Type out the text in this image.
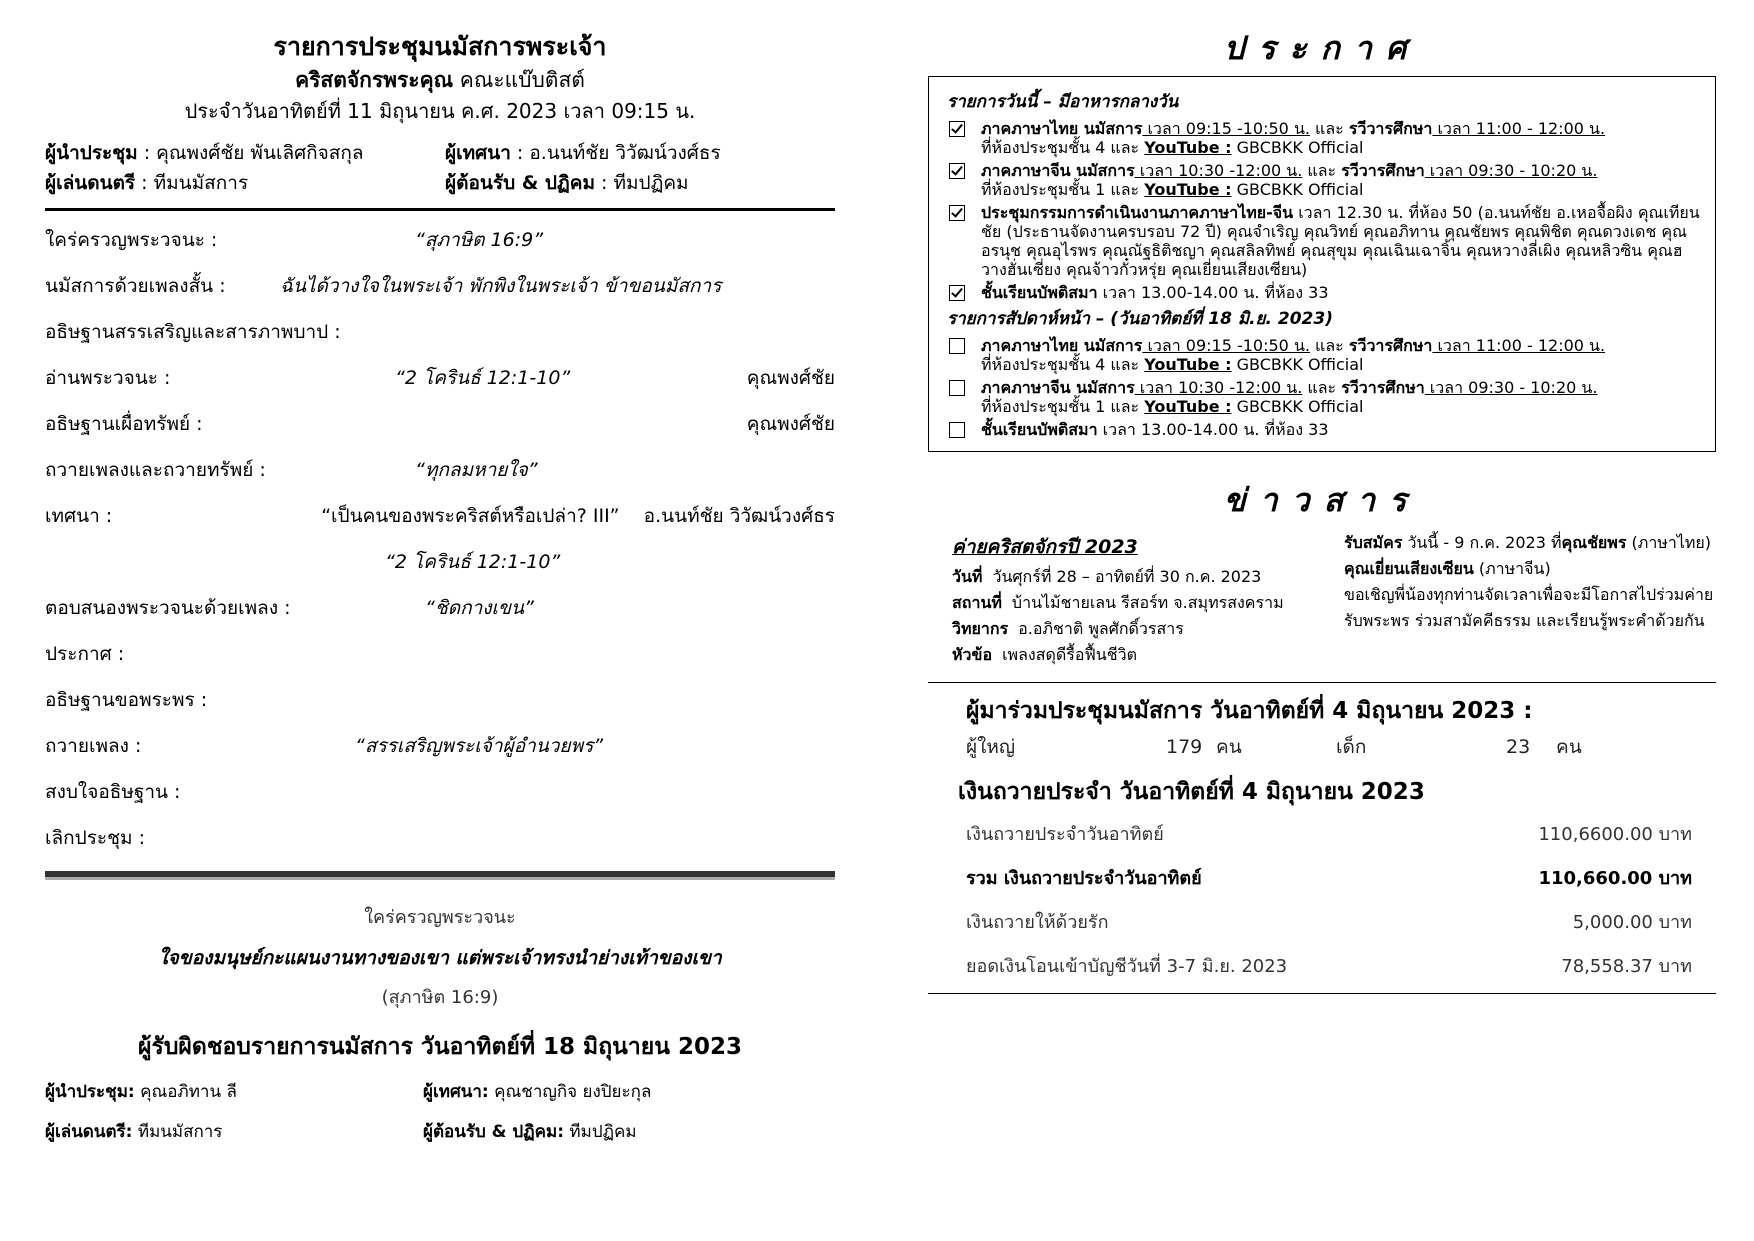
รายการประชุมนมัสการพระเจ้า
คริสตจักรพระคุณ คณะแบ๊บติสต์
ประจำวันอาทิตย์ที่ 11 มิถุนายน ค.ศ. 2023 เวลา 09:15 น.
ผู้นำประชุม : คุณพงศ์ชัย พันเลิศกิจสกุล	ผู้เทศนา : อ.นนท์ชัย วิวัฒน์วงศ์ธร
ผู้เล่นดนตรี : ทีมนมัสการ	ผู้ต้อนรับ & ปฏิคม : ทีมปฏิคม
ใคร่ครวญพระวจนะ :	“สุภาษิต 16:9”
นมัสการด้วยเพลงสั้น :	ฉันได้วางใจในพระเจ้า พักพิงในพระเจ้า ข้าขอนมัสการ
อธิษฐานสรรเสริญและสารภาพบาป :
อ่านพระวจนะ :	“2 โครินธ์ 12:1-10”	คุณพงศ์ชัย
อธิษฐานเผื่อทรัพย์ :	คุณพงศ์ชัย
ถวายเพลงและถวายทรัพย์ :	“ทุกลมหายใจ”
เทศนา :	“เป็นคนของพระคริสต์หรือเปล่า? III”    อ.นนท์ชัย วิวัฒน์วงศ์ธร
“2 โครินธ์ 12:1-10”
ตอบสนองพระวจนะด้วยเพลง :	“ชิดกางเขน”
ประกาศ :
อธิษฐานขอพระพร :
ถวายเพลง :	“สรรเสริญพระเจ้าผู้อำนวยพร”
สงบใจอธิษฐาน :
เลิกประชุม :
ใคร่ครวญพระวจนะ
ใจของมนุษย์กะแผนงานทางของเขา แต่พระเจ้าทรงนำย่างเท้าของเขา
(สุภาษิต 16:9)
ผู้รับผิดชอบรายการนมัสการ วันอาทิตย์ที่ 18 มิถุนายน 2023
ผู้นำประชุม: คุณอภิทาน ลี	ผู้เทศนา: คุณชาญกิจ ยงปิยะกุล
ผู้เล่นดนตรี: ทีมนมัสการ	ผู้ต้อนรับ & ปฏิคม: ทีมปฏิคม
ประกาศ
รายการวันนี้ – มีอาหารกลางวัน
ภาคภาษาไทย นมัสการ เวลา 09:15 -10:50 น. และ รวีวารศึกษา เวลา 11:00 - 12:00 น.
ที่ห้องประชุมชั้น 4 และ YouTube : GBCBKK Official
ภาคภาษาจีน นมัสการ เวลา 10:30 -12:00 น. และ รวีวารศึกษา เวลา 09:30 - 10:20 น.
ที่ห้องประชุมชั้น 1 และ YouTube : GBCBKK Official
ประชุมกรรมการดำเนินงานภาคภาษาไทย-จีน เวลา 12.30 น. ที่ห้อง 50 (อ.นนท์ชัย อ.เหอจื้อผิง คุณเทียนชัย (ประธานจัดงานครบรอบ 72 ปี) คุณจำเริญ คุณวิทย์ คุณอภิทาน คุณชัยพร คุณพิชิต คุณดวงเดช คุณอรนุช คุณอุไรพร คุณณัฐธิติชญา คุณสลิลทิพย์ คุณสุขุม คุณเฉินเฉาจิ้น คุณหวางลี่เผิง คุณหลิวซิน คุณฮวางฮั่นเซี่ยง คุณจ้าวกั๋วหรุ่ย คุณเยี่ยนเสียงเซียน)
ชั้นเรียนบัพติสมา เวลา 13.00-14.00 น. ที่ห้อง 33
รายการสัปดาห์หน้า – (วันอาทิตย์ที่ 18 มิ.ย. 2023)
ภาคภาษาไทย นมัสการ เวลา 09:15 -10:50 น. และ รวีวารศึกษา เวลา 11:00 - 12:00 น.
ที่ห้องประชุมชั้น 4 และ YouTube : GBCBKK Official
ภาคภาษาจีน นมัสการ เวลา 10:30 -12:00 น. และ รวีวารศึกษา เวลา 09:30 - 10:20 น.
ที่ห้องประชุมชั้น 1 และ YouTube : GBCBKK Official
ชั้นเรียนบัพติสมา เวลา 13.00-14.00 น. ที่ห้อง 33
ข่าวสาร
ค่ายคริสตจักรปี 2023
วันที่ วันศุกร์ที่ 28 – อาทิตย์ที่ 30 ก.ค. 2023
สถานที่ บ้านไม้ชายเลน รีสอร์ท จ.สมุทรสงคราม
วิทยากร อ.อภิชาติ พูลศักดิ์วรสาร
หัวข้อ เพลงสดุดีรื้อฟื้นชีวิต
รับสมัคร วันนี้ - 9 ก.ค. 2023 ที่คุณชัยพร (ภาษาไทย) คุณเยี่ยนเสียงเซียน (ภาษาจีน)
ขอเชิญพี่น้องทุกท่านจัดเวลาเพื่อจะมีโอกาสไปร่วมค่ายรับพระพร ร่วมสามัคคีธรรม และเรียนรู้พระคำด้วยกัน
ผู้มาร่วมประชุมนมัสการ วันอาทิตย์ที่ 4 มิถุนายน 2023 :
ผู้ใหญ่	179 คน	เด็ก	23	คน
เงินถวายประจำ วันอาทิตย์ที่ 4 มิถุนายน 2023
เงินถวายประจำวันอาทิตย์	110,6600.00 บาท
รวม เงินถวายประจำวันอาทิตย์	110,660.00 บาท
เงินถวายให้ด้วยรัก	5,000.00 บาท
ยอดเงินโอนเข้าบัญชีวันที่ 3-7 มิ.ย. 2023	78,558.37 บาท
